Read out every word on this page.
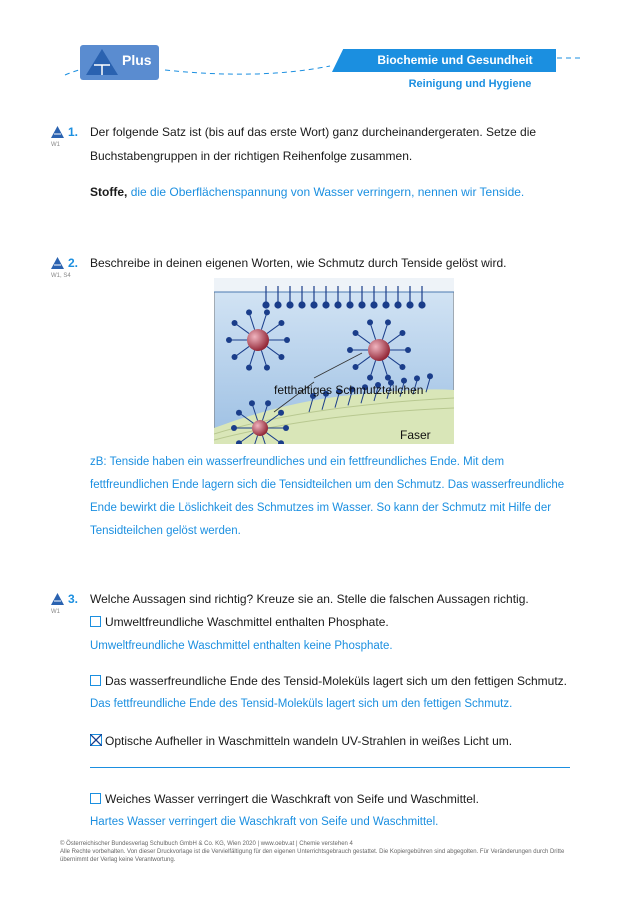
Plus	Biochemie und Gesundheit
Reinigung und Hygiene
1.
W1
Der folgende Satz ist (bis auf das erste Wort) ganz durcheinandergeraten. Setze die Buchstabengruppen in der richtigen Reihenfolge zusammen.
Stoffe, die die Oberflächenspannung von Wasser verringern, nennen wir Tenside.
2.
W1, S4
Beschreibe in deinen eigenen Worten, wie Schmutz durch Tenside gelöst wird.
fetthaltiges Schmutzteilchen
Faser
zB: Tenside haben ein wasserfreundliches und ein fettfreundliches Ende. Mit dem fettfreundlichen Ende lagern sich die Tensidteilchen um den Schmutz. Das wasserfreundliche Ende bewirkt die Löslichkeit des Schmutzes im Wasser. So kann der Schmutz mit Hilfe der Tensidteilchen gelöst werden.
3.
W1
Welche Aussagen sind richtig? Kreuze sie an. Stelle die falschen Aussagen richtig.
Umweltfreundliche Waschmittel enthalten Phosphate.
Umweltfreundliche Waschmittel enthalten keine Phosphate.
Das wasserfreundliche Ende des Tensid-Moleküls lagert sich um den fettigen Schmutz.
Das fettfreundliche Ende des Tensid-Moleküls lagert sich um den fettigen Schmutz.
Optische Aufheller in Waschmitteln wandeln UV-Strahlen in weißes Licht um.
Weiches Wasser verringert die Waschkraft von Seife und Waschmittel.
Hartes Wasser verringert die Waschkraft von Seife und Waschmittel.
© Österreichischer Bundesverlag Schulbuch GmbH & Co. KG, Wien 2020 | www.oebv.at | Chemie verstehen 4
Alle Rechte vorbehalten. Von dieser Druckvorlage ist die Vervielfältigung für den eigenen Unterrichtsgebrauch gestattet. Die Kopiergebühren sind abgegolten. Für Veränderungen durch Dritte übernimmt der Verlag keine Verantwortung.
